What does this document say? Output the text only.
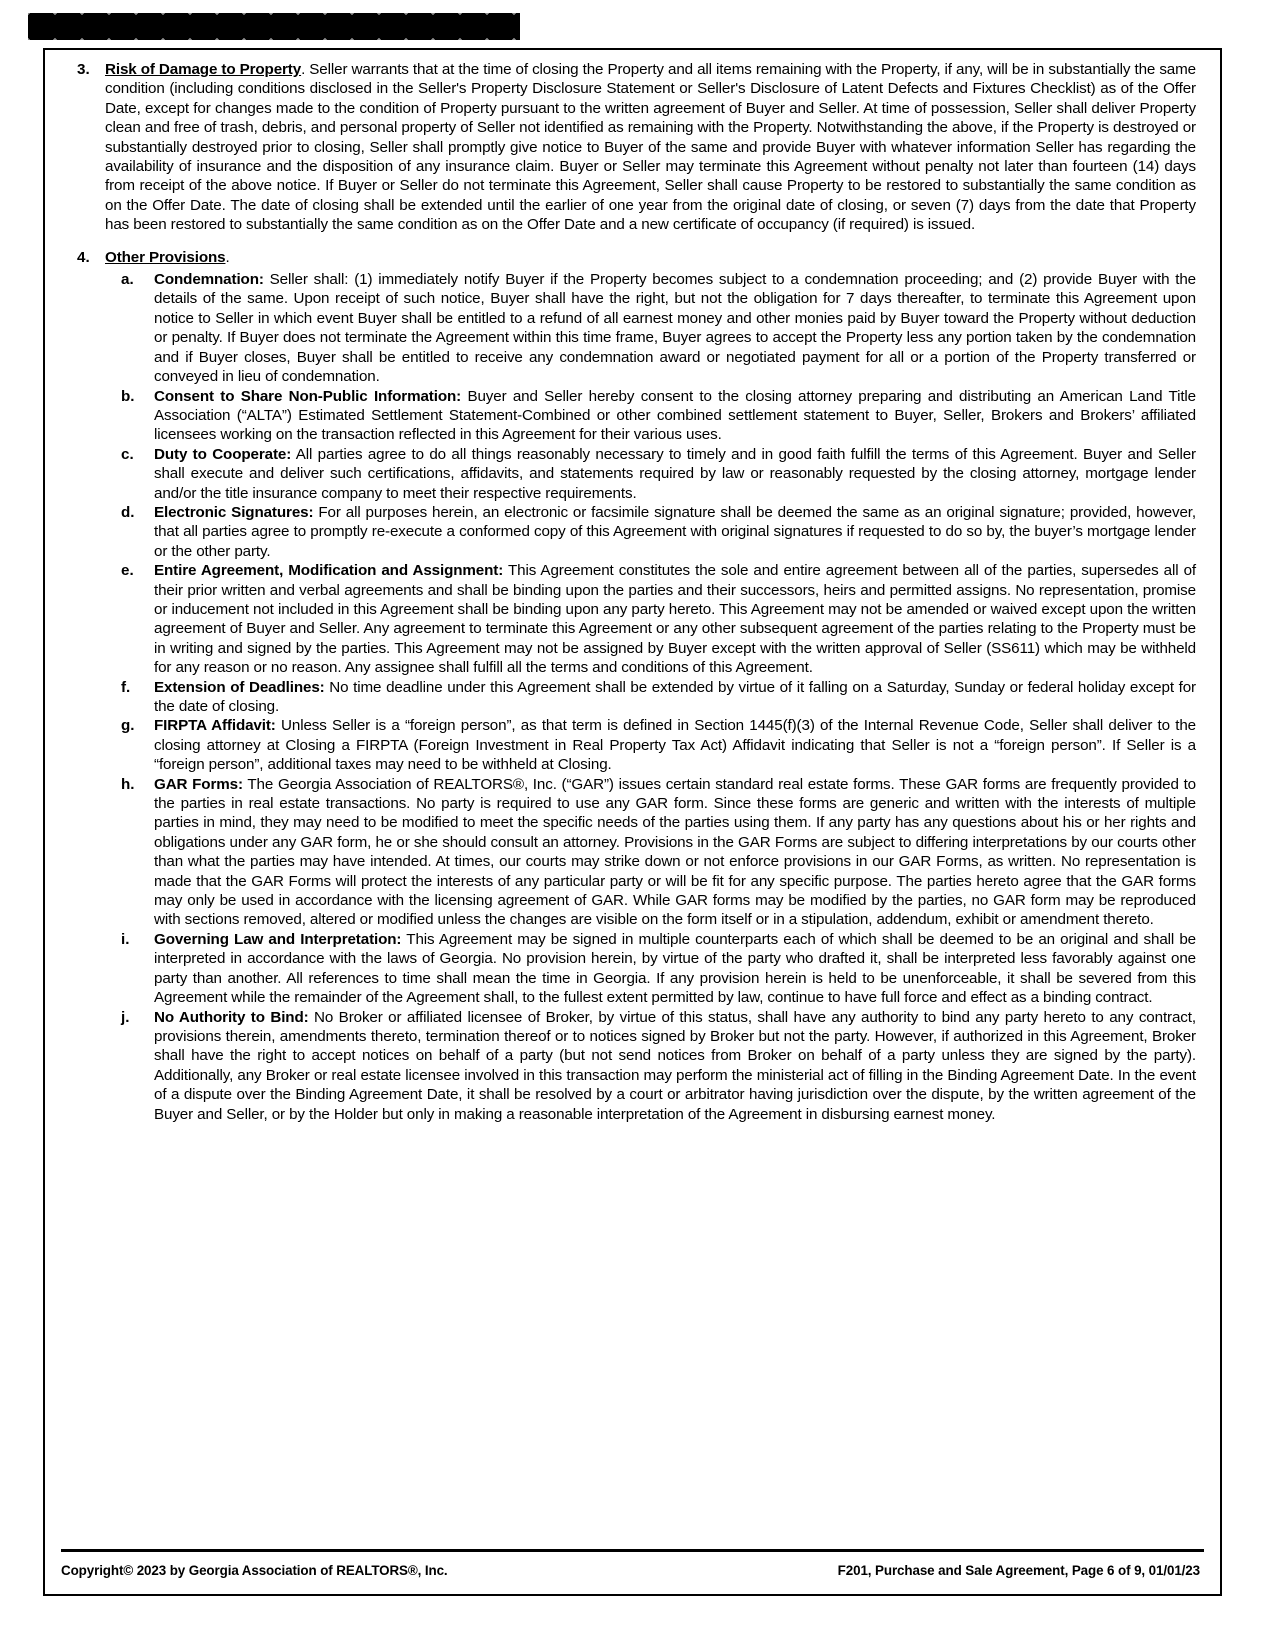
3. Risk of Damage to Property. Seller warrants that at the time of closing the Property and all items remaining with the Property, if any, will be in substantially the same condition (including conditions disclosed in the Seller's Property Disclosure Statement or Seller's Disclosure of Latent Defects and Fixtures Checklist) as of the Offer Date, except for changes made to the condition of Property pursuant to the written agreement of Buyer and Seller. At time of possession, Seller shall deliver Property clean and free of trash, debris, and personal property of Seller not identified as remaining with the Property. Notwithstanding the above, if the Property is destroyed or substantially destroyed prior to closing, Seller shall promptly give notice to Buyer of the same and provide Buyer with whatever information Seller has regarding the availability of insurance and the disposition of any insurance claim. Buyer or Seller may terminate this Agreement without penalty not later than fourteen (14) days from receipt of the above notice. If Buyer or Seller do not terminate this Agreement, Seller shall cause Property to be restored to substantially the same condition as on the Offer Date. The date of closing shall be extended until the earlier of one year from the original date of closing, or seven (7) days from the date that Property has been restored to substantially the same condition as on the Offer Date and a new certificate of occupancy (if required) is issued.

4. Other Provisions.

a. Condemnation: Seller shall: (1) immediately notify Buyer if the Property becomes subject to a condemnation proceeding; and (2) provide Buyer with the details of the same. Upon receipt of such notice, Buyer shall have the right, but not the obligation for 7 days thereafter, to terminate this Agreement upon notice to Seller in which event Buyer shall be entitled to a refund of all earnest money and other monies paid by Buyer toward the Property without deduction or penalty. If Buyer does not terminate the Agreement within this time frame, Buyer agrees to accept the Property less any portion taken by the condemnation and if Buyer closes, Buyer shall be entitled to receive any condemnation award or negotiated payment for all or a portion of the Property transferred or conveyed in lieu of condemnation.

b. Consent to Share Non-Public Information: Buyer and Seller hereby consent to the closing attorney preparing and distributing an American Land Title Association (“ALTA”) Estimated Settlement Statement-Combined or other combined settlement statement to Buyer, Seller, Brokers and Brokers’ affiliated licensees working on the transaction reflected in this Agreement for their various uses.

c. Duty to Cooperate: All parties agree to do all things reasonably necessary to timely and in good faith fulfill the terms of this Agreement. Buyer and Seller shall execute and deliver such certifications, affidavits, and statements required by law or reasonably requested by the closing attorney, mortgage lender and/or the title insurance company to meet their respective requirements.

d. Electronic Signatures: For all purposes herein, an electronic or facsimile signature shall be deemed the same as an original signature; provided, however, that all parties agree to promptly re-execute a conformed copy of this Agreement with original signatures if requested to do so by, the buyer’s mortgage lender or the other party.

e. Entire Agreement, Modification and Assignment: This Agreement constitutes the sole and entire agreement between all of the parties, supersedes all of their prior written and verbal agreements and shall be binding upon the parties and their successors, heirs and permitted assigns. No representation, promise or inducement not included in this Agreement shall be binding upon any party hereto. This Agreement may not be amended or waived except upon the written agreement of Buyer and Seller. Any agreement to terminate this Agreement or any other subsequent agreement of the parties relating to the Property must be in writing and signed by the parties. This Agreement may not be assigned by Buyer except with the written approval of Seller (SS611) which may be withheld for any reason or no reason. Any assignee shall fulfill all the terms and conditions of this Agreement.

f. Extension of Deadlines: No time deadline under this Agreement shall be extended by virtue of it falling on a Saturday, Sunday or federal holiday except for the date of closing.

g. FIRPTA Affidavit: Unless Seller is a “foreign person”, as that term is defined in Section 1445(f)(3) of the Internal Revenue Code, Seller shall deliver to the closing attorney at Closing a FIRPTA (Foreign Investment in Real Property Tax Act) Affidavit indicating that Seller is not a “foreign person”. If Seller is a “foreign person”, additional taxes may need to be withheld at Closing.

h. GAR Forms: The Georgia Association of REALTORS®, Inc. (“GAR”) issues certain standard real estate forms. These GAR forms are frequently provided to the parties in real estate transactions. No party is required to use any GAR form. Since these forms are generic and written with the interests of multiple parties in mind, they may need to be modified to meet the specific needs of the parties using them. If any party has any questions about his or her rights and obligations under any GAR form, he or she should consult an attorney. Provisions in the GAR Forms are subject to differing interpretations by our courts other than what the parties may have intended. At times, our courts may strike down or not enforce provisions in our GAR Forms, as written. No representation is made that the GAR Forms will protect the interests of any particular party or will be fit for any specific purpose. The parties hereto agree that the GAR forms may only be used in accordance with the licensing agreement of GAR. While GAR forms may be modified by the parties, no GAR form may be reproduced with sections removed, altered or modified unless the changes are visible on the form itself or in a stipulation, addendum, exhibit or amendment thereto.

i. Governing Law and Interpretation: This Agreement may be signed in multiple counterparts each of which shall be deemed to be an original and shall be interpreted in accordance with the laws of Georgia. No provision herein, by virtue of the party who drafted it, shall be interpreted less favorably against one party than another. All references to time shall mean the time in Georgia. If any provision herein is held to be unenforceable, it shall be severed from this Agreement while the remainder of the Agreement shall, to the fullest extent permitted by law, continue to have full force and effect as a binding contract.

j. No Authority to Bind: No Broker or affiliated licensee of Broker, by virtue of this status, shall have any authority to bind any party hereto to any contract, provisions therein, amendments thereto, termination thereof or to notices signed by Broker but not the party. However, if authorized in this Agreement, Broker shall have the right to accept notices on behalf of a party (but not send notices from Broker on behalf of a party unless they are signed by the party). Additionally, any Broker or real estate licensee involved in this transaction may perform the ministerial act of filling in the Binding Agreement Date. In the event of a dispute over the Binding Agreement Date, it shall be resolved by a court or arbitrator having jurisdiction over the dispute, by the written agreement of the Buyer and Seller, or by the Holder but only in making a reasonable interpretation of the Agreement in disbursing earnest money.

Copyright© 2023 by Georgia Association of REALTORS®, Inc.	F201, Purchase and Sale Agreement, Page 6 of 9, 01/01/23
